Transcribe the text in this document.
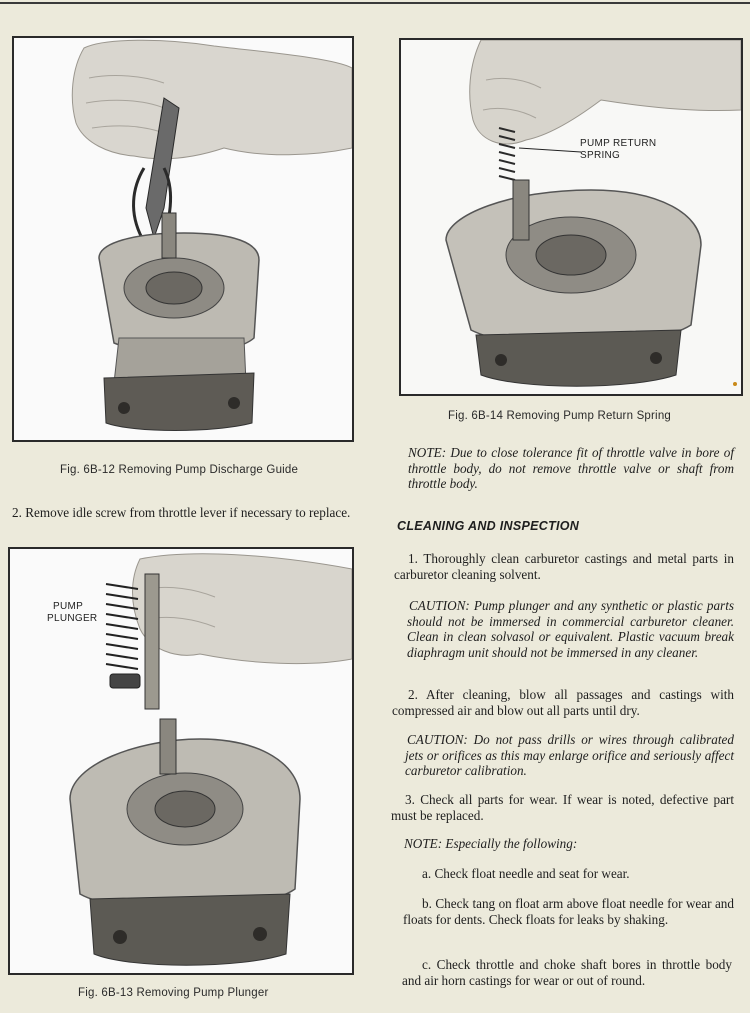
Fig. 6B-12 Removing Pump Discharge Guide
PUMP RETURN
SPRING
Fig. 6B-14 Removing Pump Return Spring
2. Remove idle screw from throttle lever if necessary to replace.
PUMP
PLUNGER
Fig. 6B-13 Removing Pump Plunger
NOTE: Due to close tolerance fit of throttle valve in bore of throttle body, do not remove throttle valve or shaft from throttle body.
CLEANING AND INSPECTION
1. Thoroughly clean carburetor castings and metal parts in carburetor cleaning solvent.
CAUTION: Pump plunger and any synthetic or plastic parts should not be immersed in commercial carburetor cleaner. Clean in clean solvasol or equivalent. Plastic vacuum break diaphragm unit should not be immersed in any cleaner.
2. After cleaning, blow all passages and castings with compressed air and blow out all parts until dry.
CAUTION: Do not pass drills or wires through calibrated jets or orifices as this may enlarge orifice and seriously affect carburetor calibration.
3. Check all parts for wear. If wear is noted, defective part must be replaced.
NOTE: Especially the following:
a. Check float needle and seat for wear.
b. Check tang on float arm above float needle for wear and floats for dents. Check floats for leaks by shaking.
c. Check throttle and choke shaft bores in throttle body and air horn castings for wear or out of round.
